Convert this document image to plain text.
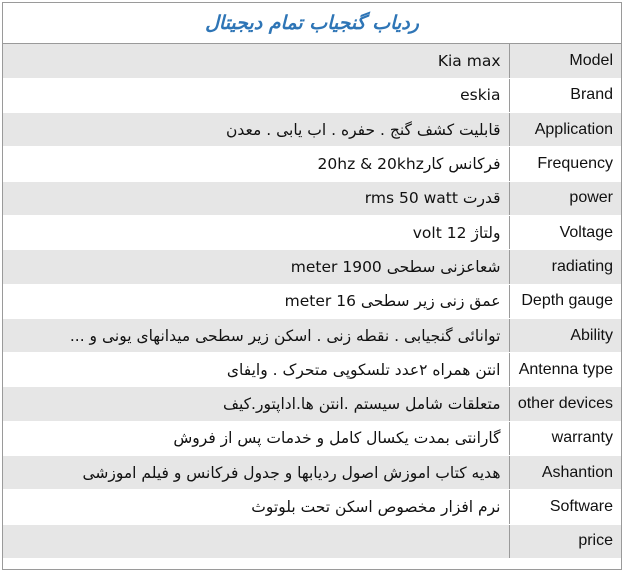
ردیاب گنجیاب تمام دیجیتال
Kia max	Model
eskia	Brand
قابلیت کشف گنج . حفره . اب یابی . معدن	Application
فرکانس کار20hz & 20khz	Frequency
قدرت rms 50 watt	power
ولتاژ 12 volt	Voltage
شعاعزنی سطحی 1900 meter	radiating
عمق زنی زیر سطحی 16 meter	Depth gauge
توانائی گنجیابی . نقطه زنی . اسکن زیر سطحی میدانهای یونی و ...	Ability
انتن همراه ۲عدد تلسکوپی متحرک . وایفای	Antenna type
متعلقات شامل سیستم .انتن ها.اداپتور.کیف	other devices
گارانتی بمدت یکسال کامل و خدمات پس از فروش	warranty
هدیه کتاب اموزش اصول ردیابها و جدول فرکانس و فیلم اموزشی	Ashantion
نرم افزار مخصوص اسکن تحت بلوتوث	Software
	price
